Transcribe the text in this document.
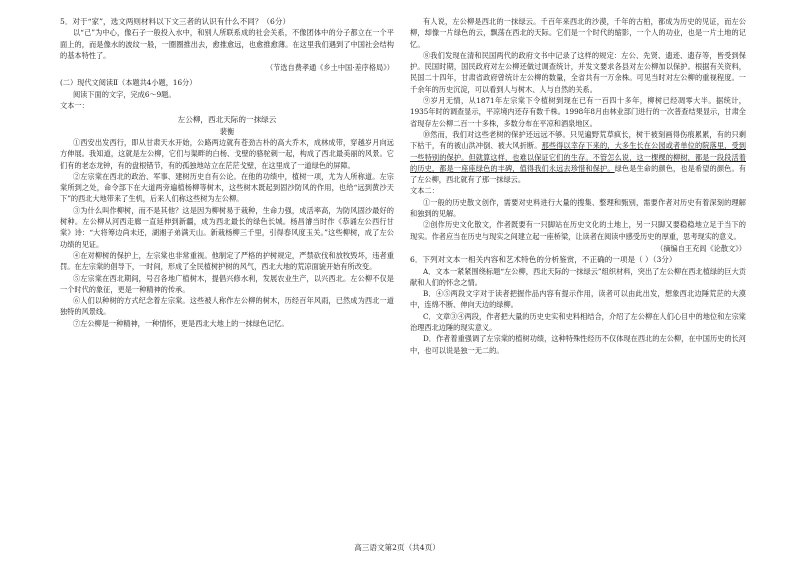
5．对于“家”，选文两则材料以下文三者的认识有什么不同？（6分）

以“己”为中心，像石子一般投入水中，和别人所联系成的社会关系，不像团体中的分子都立在一个平面上的，而是像水的波纹一般，一圈圈推出去，愈推愈远，也愈推愈薄。在这里我们遇到了中国社会结构的基本特性了。

（节选自费孝通《乡土中国·差序格局》）

(二）现代文阅读Ⅱ（本题共4小题，16分）

阅读下面的文字，完成6～9题。

文本一：

左公柳，西北天际的一抹绿云

裴衡

①西安出发西行，即从甘肃天水开始，公路两边就有苍劲古朴的高大乔木，成林成带，穿越岁月向远方伸展。我知道，这就是左公柳，它们与渠畔的白杨、戈壁的骆驼刺一起，构成了西北最美丽的风景。它们有的老态龙钟，有的盘根错节，有的孤独地站立在茫茫戈壁，在这里成了一道绿色的屏障。

②左宗棠在西北的政治、军事、建树历史自有公论。在他的功绩中，植树一项，尤为人所称道。左宗棠所到之处，命令部下在大道两旁遍植杨柳等树木，这些树木既起到固沙防风的作用，也给“远到黄沙天下”的西北大地带来了生机，后来人们称这些树为左公柳。

③为什么叫作柳树，而不是其他？这是因为柳树易于栽种，生命力强，成活率高，为防风固沙最好的树种。左公柳从河西走廊一直延伸到新疆，成为西北最长的绿色长城。杨昌濬当时作《恭诵左公西行甘棠》诗：“大将筹边尚未还，湖湘子弟满天山。新栽杨柳三千里，引得春风度玉关。”这些柳树，成了左公功绩的见证。

④在对柳树的保护上，左宗棠也非常重视。他制定了严格的护树规定，严禁砍伐和放牧毁坏，违者重罚。在左宗棠的倡导下，一时间，形成了全民植树护树的风气，西北大地的荒凉面貌开始有所改变。

⑤左宗棠在西北期间，号召各地广植树木，提倡兴修水利，发展农业生产，以兴西北。左公柳不仅是一个时代的象征，更是一种精神的传承。

⑥人们以种树的方式纪念着左宗棠。这些被人称作左公柳的树木，历经百年风雨，已然成为西北一道独特的风景线。

⑦左公柳是一种精神，一种情怀，更是西北大地上的一抹绿色记忆。

有人说，左公柳是西北的一抹绿云。千百年来西北的沙漠，千年的古柏，都成为历史的见证，而左公柳，却像一片绿色的云，飘荡在西北的天际。它们是一个时代的缩影，一个人的功业，也是一片土地的记忆。

⑧我们发现在清和民国两代的政府文书中记录了这样的规定：左公、先贤、遗迹、遗存等，皆受到保护。民国时期，国民政府对左公柳还做过调查统计，并发文要求各县对左公柳加以保护。根据有关资料，民国二十四年，甘肃省政府曾统计左公柳的数量，全省共有一万余株。可见当时对左公柳的重视程度。一千余年的历史沉淀，可以看到人与树木、人与自然的关系。

⑨岁月无情，从1871年左宗棠下令植树到现在已有一百四十多年，柳树已经凋零大半。据统计，1935年时的调查显示，平凉境内还存有数千株。1998年8月由林业部门进行的一次普查结果显示，甘肃全省现存左公柳二百一十多株，多数分布在平凉和酒泉地区。

⑩然而，我们对这些老树的保护还远远不够。只见遍野荒草疯长，树干被刻画得伤痕累累，有的只剩下枯干，有的被山洪冲倒、被大风折断。那些得以幸存下来的，大多生长在公园或者单位的院落里，受到一些特别的保护。但就算这样，也难以保证它们的生存。不管怎么说，这一棵棵的柳树，都是一段段活着的历史，都是一座座绿色的丰碑，值得我们永远去珍惜和保护。绿色是生命的颜色，也是希望的颜色。有了左公柳，西北就有了那一抹绿云。

文本二：

①一般的历史散文创作，需要对史料进行大量的搜集、整理和甄别，需要作者对历史有着深刻的理解和独到的见解。

②创作历史文化散文，作者既要有一只脚站在历史文化的土地上，另一只脚又要稳稳地立足于当下的现实。作者应当在历史与现实之间建立起一座桥梁，让读者在阅读中感受历史的厚重，思考现实的意义。

（摘编自王充闾《论散文》）

6．下列对文本一相关内容和艺术特色的分析鉴赏，不正确的一项是（ ）（3分）

A．文本一紧紧围绕标题“左公柳，西北天际的一抹绿云”组织材料，突出了左公柳在西北植绿的巨大贡献和人们的怀念之情。

B．④⑤两段文字对于读者把握作品内容有提示作用，读者可以由此出发，想象西北边陲荒茫的大漠中，连绵不断、伸向天边的绿柳。

C．文章③④两段，作者把大量的历史史实和史料相结合，介绍了左公柳在人们心目中的地位和左宗棠治理西北边陲的现实意义。

D．作者着重强调了左宗棠的植树功绩，这种特殊性经历不仅体现在西北的左公柳，在中国历史的长河中，也可以说是独一无二的。

高三语文第2页（共4页）
